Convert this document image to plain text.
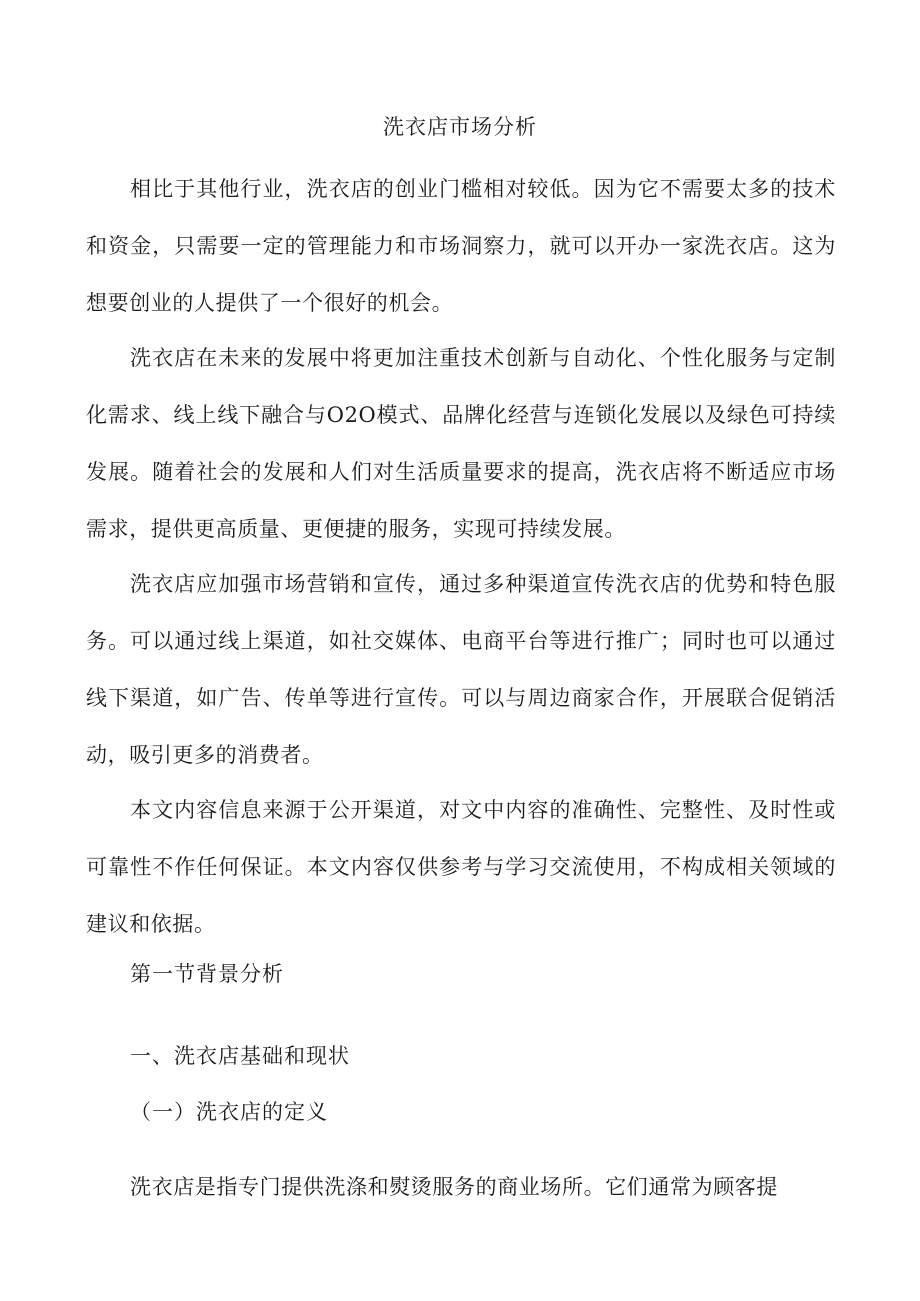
洗衣店市场分析
相比于其他行业，洗衣店的创业门槛相对较低。因为它不需要太多的技术和资金，只需要一定的管理能力和市场洞察力，就可以开办一家洗衣店。这为想要创业的人提供了一个很好的机会。
洗衣店在未来的发展中将更加注重技术创新与自动化、个性化服务与定制化需求、线上线下融合与O2O模式、品牌化经营与连锁化发展以及绿色可持续发展。随着社会的发展和人们对生活质量要求的提高，洗衣店将不断适应市场需求，提供更高质量、更便捷的服务，实现可持续发展。
洗衣店应加强市场营销和宣传，通过多种渠道宣传洗衣店的优势和特色服务。可以通过线上渠道，如社交媒体、电商平台等进行推广；同时也可以通过线下渠道，如广告、传单等进行宣传。可以与周边商家合作，开展联合促销活动，吸引更多的消费者。
本文内容信息来源于公开渠道，对文中内容的准确性、完整性、及时性或可靠性不作任何保证。本文内容仅供参考与学习交流使用，不构成相关领域的建议和依据。
第一节背景分析
一、洗衣店基础和现状
（一）洗衣店的定义
洗衣店是指专门提供洗涤和熨烫服务的商业场所。它们通常为顾客提
